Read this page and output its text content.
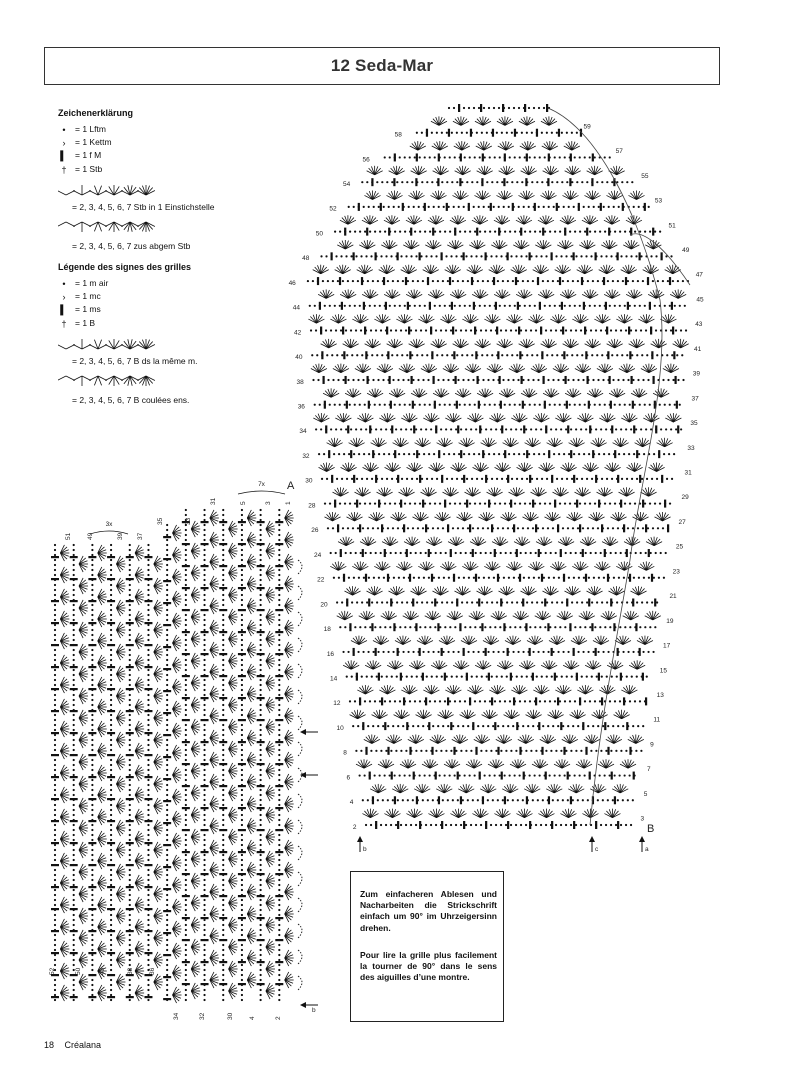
12 Seda-Mar
Zeichenerklärung
•	= 1 Lftm
›	= 1 Kettm
▍ = 1 f M
†	= 1 Stb
= 2, 3, 4, 5, 6, 7 Stb in 1 Einstichstelle
= 2, 3, 4, 5, 6, 7 zus abgem Stb
Légende des signes des grilles
•	= 1 m air
›	= 1 mc
▍ = 1 ms
†	= 1 B
= 2, 3, 4, 5, 6, 7 B ds la même m.
= 2, 3, 4, 5, 6, 7 B coulées ens.
2
4
6
8
10
12
14
16
18
20
22
24
26
28
30
32
34
36
38
40
42
44
46
48
50
52
54
56
58
3
5
7
9
11
13
15
17
19
21
23
25
27
29
31
33
35
37
39
41
43
45
47
49
51
53
55
57
59
B
b	c	a
51 49	39 37
35	33
31	5	3 1
52	50	40	38 36
34	32	30 4	2
3x
7x A
b

Zum einfacheren Ablesen und Nacharbeiten die Strickschrift einfach um 90° im Uhrzeigersinn drehen.

Pour lire la grille plus facilement la tourner de 90° dans le sens des aiguilles d’une montre.

18 Créalana
